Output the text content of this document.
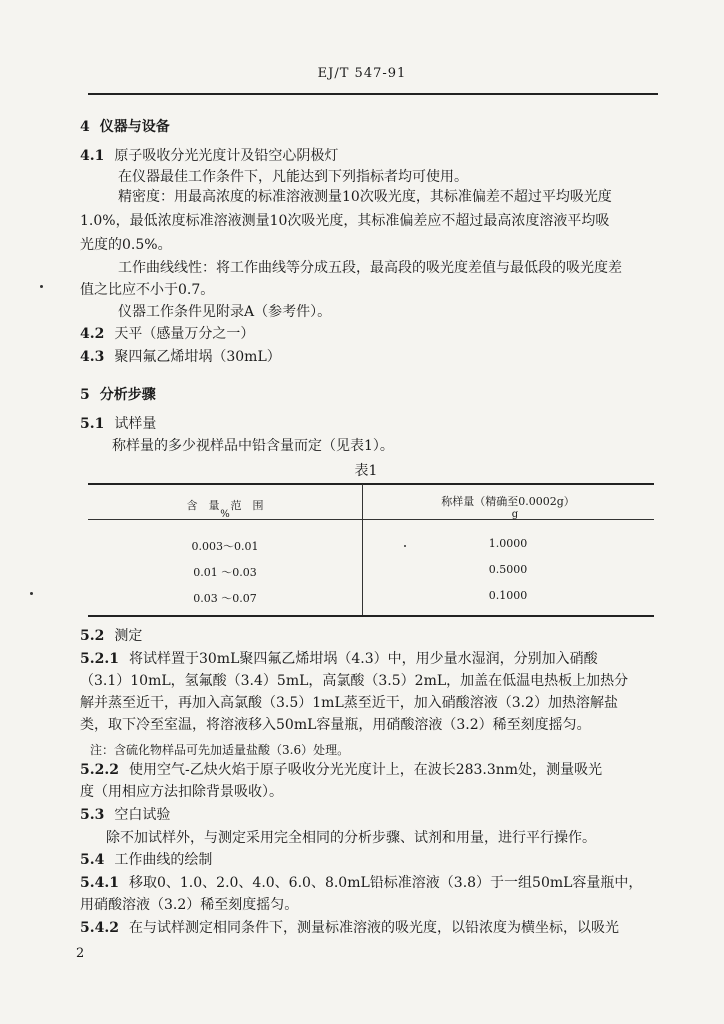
EJ/T 547-91
4 仪器与设备
4.1 原子吸收分光光度计及铅空心阴极灯
在仪器最佳工作条件下，凡能达到下列指标者均可使用。
精密度：用最高浓度的标准溶液测量10次吸光度，其标准偏差不超过平均吸光度
1.0%，最低浓度标准溶液测量10次吸光度，其标准偏差应不超过最高浓度溶液平均吸
光度的0.5%。
工作曲线线性：将工作曲线等分成五段，最高段的吸光度差值与最低段的吸光度差
值之比应不小于0.7。
仪器工作条件见附录A（参考件）。
4.2 天平（感量万分之一）
4.3 聚四氟乙烯坩埚（30mL）
5 分析步骤
5.1 试样量
称样量的多少视样品中铅含量而定（见表1）。
表1
含　量　范　围
%
称样量（精确至0.0002g）
g
0.003～0.01	1.0000
0.01 ～0.03	0.5000
0.03 ～0.07	0.1000
5.2 测定
5.2.1 将试样置于30mL聚四氟乙烯坩埚（4.3）中，用少量水湿润，分别加入硝酸
（3.1）10mL，氢氟酸（3.4）5mL，高氯酸（3.5）2mL，加盖在低温电热板上加热分
解并蒸至近干，再加入高氯酸（3.5）1mL蒸至近干，加入硝酸溶液（3.2）加热溶解盐
类，取下冷至室温，将溶液移入50mL容量瓶，用硝酸溶液（3.2）稀至刻度摇匀。
注：含硫化物样品可先加适量盐酸（3.6）处理。
5.2.2 使用空气-乙炔火焰于原子吸收分光光度计上，在波长283.3nm处，测量吸光
度（用相应方法扣除背景吸收）。
5.3 空白试验
除不加试样外，与测定采用完全相同的分析步骤、试剂和用量，进行平行操作。
5.4 工作曲线的绘制
5.4.1 移取0、1.0、2.0、4.0、6.0、8.0mL铅标准溶液（3.8）于一组50mL容量瓶中，
用硝酸溶液（3.2）稀至刻度摇匀。
5.4.2 在与试样测定相同条件下，测量标准溶液的吸光度，以铅浓度为横坐标，以吸光
2
